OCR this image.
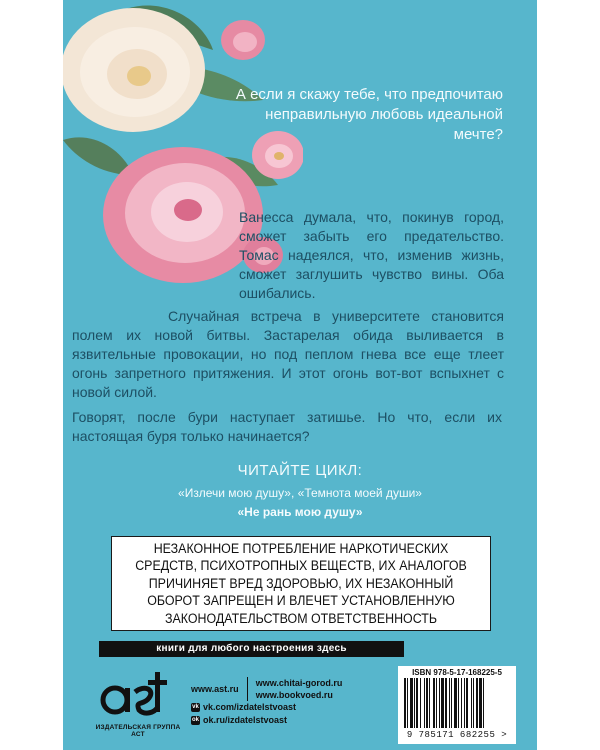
А если я скажу тебе, что предпочитаю неправильную любовь идеальной мечте?
Ванесса думала, что, покинув город, сможет забыть его предательство. Томас надеялся, что, изменив жизнь, сможет заглушить чувство вины. Оба ошибались.
Случайная встреча в университете становится полем их новой битвы. Застарелая обида выливается в язвительные провокации, но под пеплом гнева все еще тлеет огонь запретного притяжения. И этот огонь вот-вот вспыхнет с новой силой.
Говорят, после бури наступает затишье. Но что, если их настоящая буря только начинается?
ЧИТАЙТЕ ЦИКЛ:
«Излечи мою душу», «Темнота моей души»
«Не рань мою душу»
НЕЗАКОННОЕ ПОТРЕБЛЕНИЕ НАРКОТИЧЕСКИХ СРЕДСТВ, ПСИХОТРОПНЫХ ВЕЩЕСТВ, ИХ АНАЛОГОВ ПРИЧИНЯЕТ ВРЕД ЗДОРОВЬЮ, ИХ НЕЗАКОННЫЙ ОБОРОТ ЗАПРЕЩЕН И ВЛЕЧЕТ УСТАНОВЛЕННУЮ ЗАКОНОДАТЕЛЬСТВОМ ОТВЕТСТВЕННОСТЬ
книги для любого настроения здесь
ИЗДАТЕЛЬСКАЯ ГРУППА АСТ
www.ast.ru
www.chitai-gorod.ru
www.bookvoed.ru
vk vk.com/izdatelstvoast
ok ok.ru/izdatelstvoast
ISBN 978-5-17-168225-5
9 785171 682255 >
